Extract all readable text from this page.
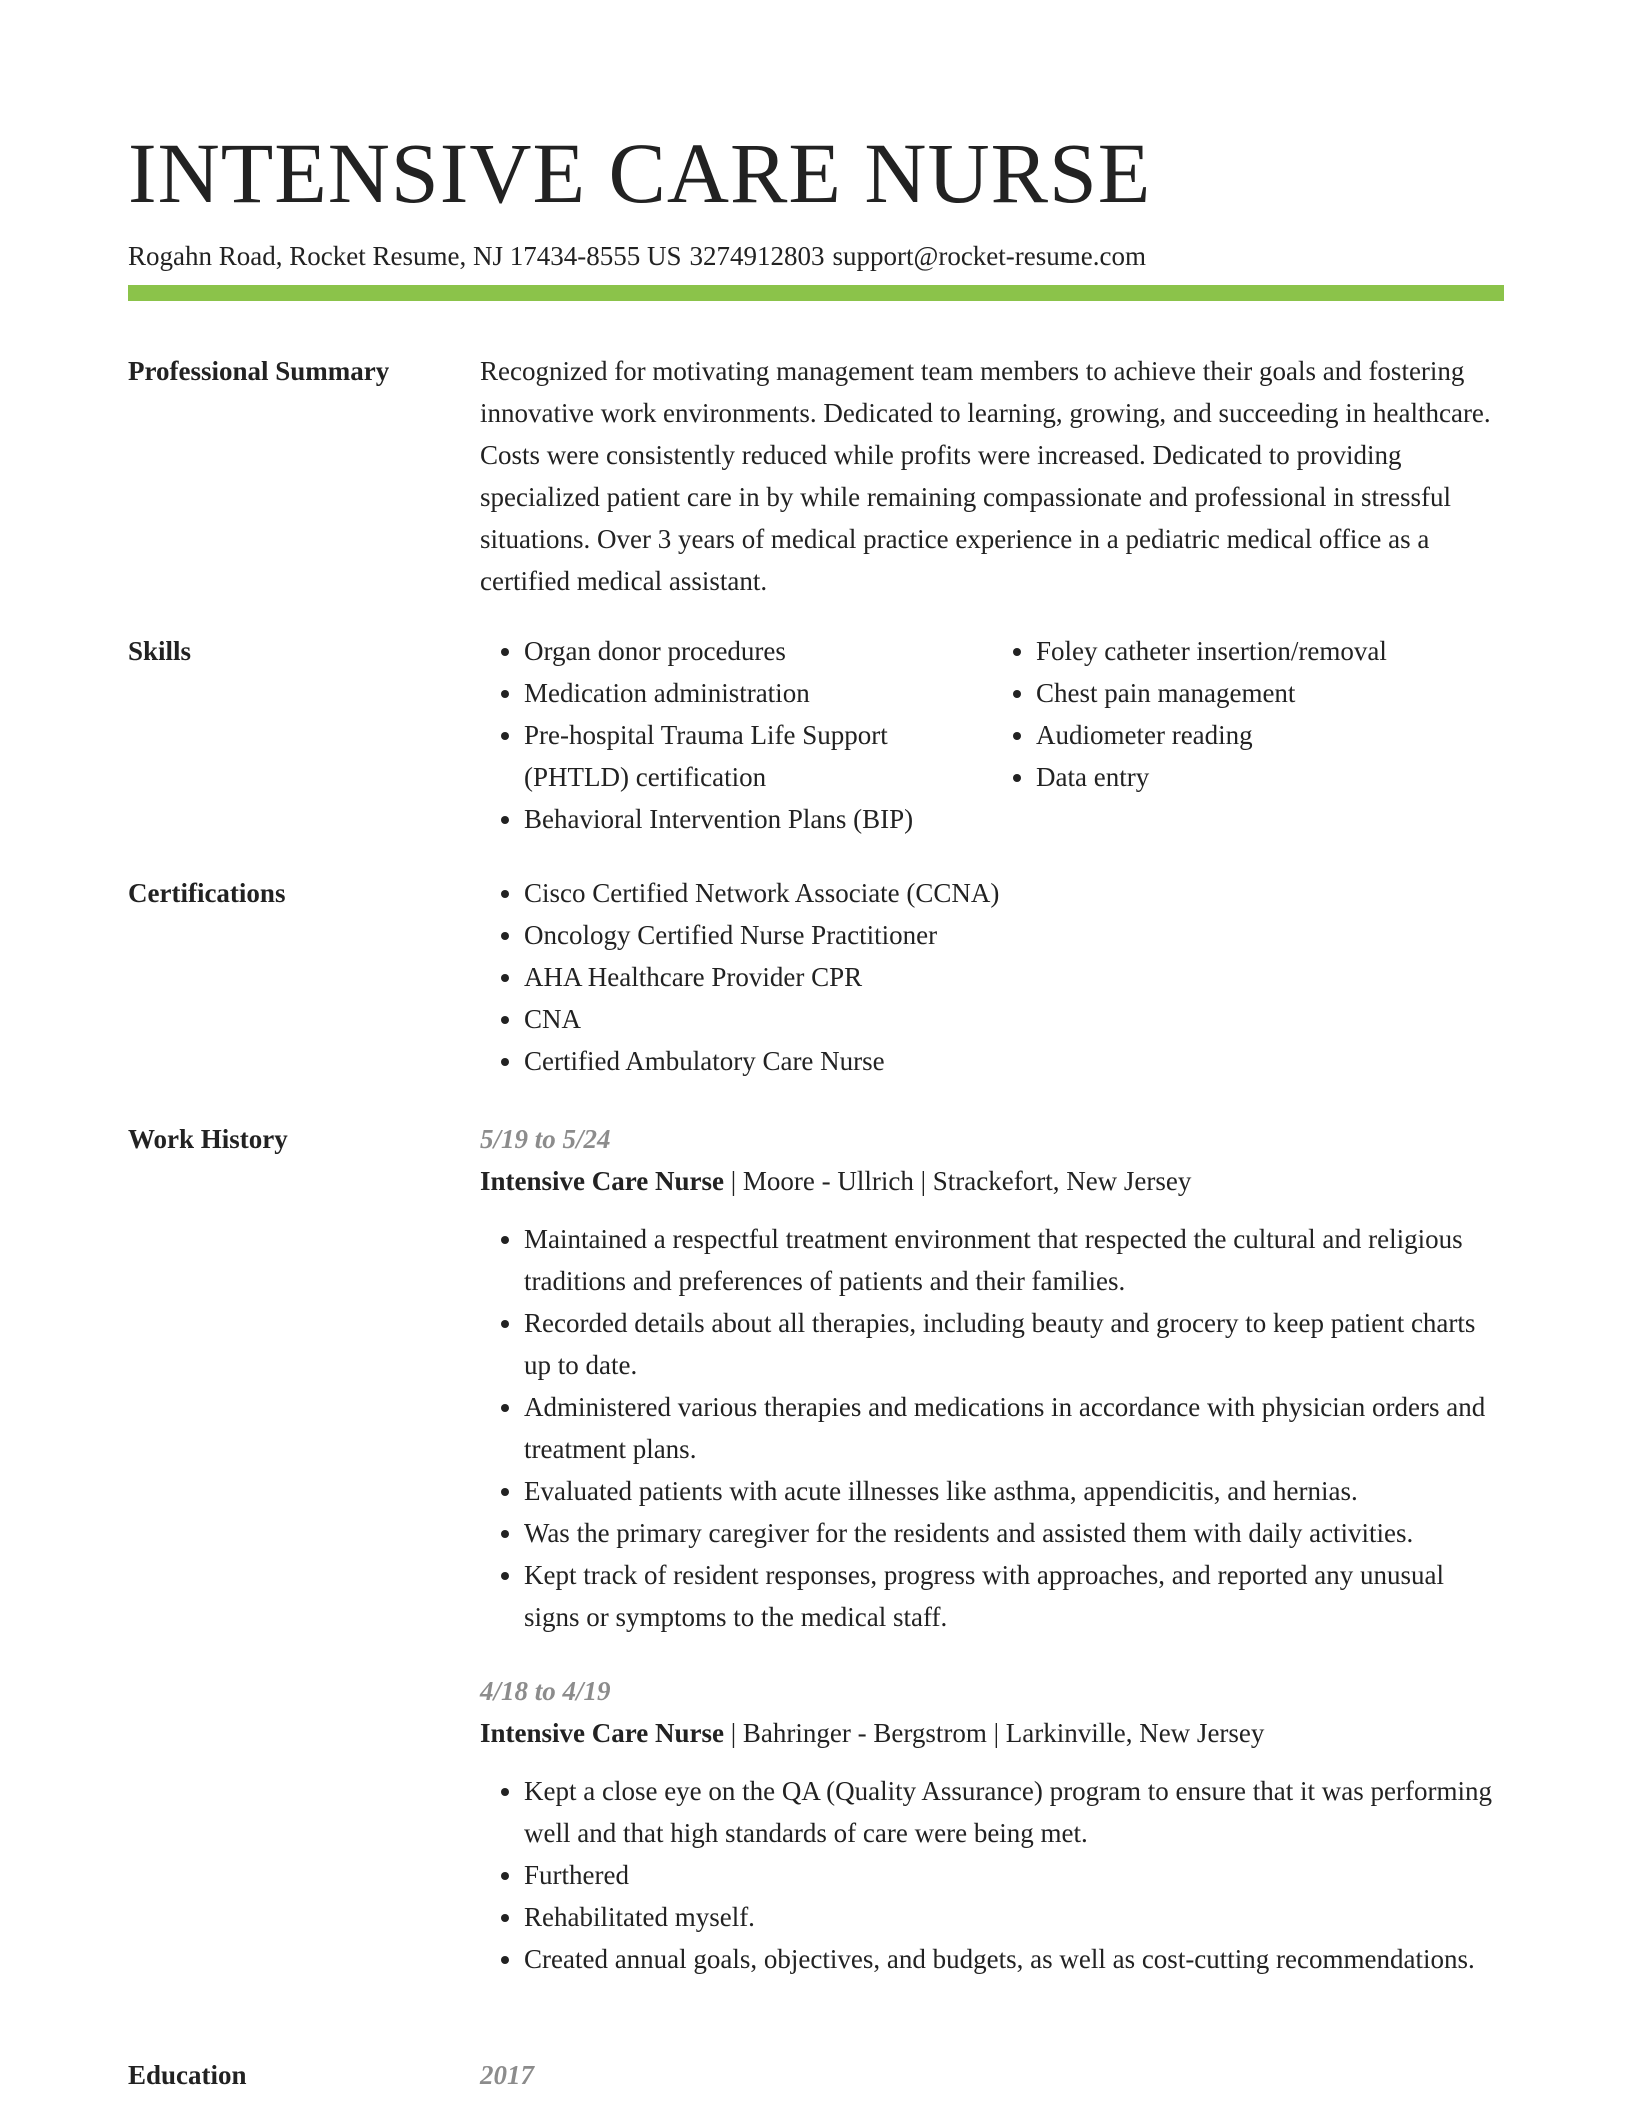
INTENSIVE CARE NURSE
Rogahn Road, Rocket Resume, NJ 17434-8555 US 3274912803 support@rocket-resume.com
Professional Summary	Recognized for motivating management team members to achieve their goals and fostering innovative work environments. Dedicated to learning, growing, and succeeding in healthcare. Costs were consistently reduced while profits were increased. Dedicated to providing specialized patient care in by while remaining compassionate and professional in stressful situations. Over 3 years of medical practice experience in a pediatric medical office as a certified medical assistant.

Skills	• Organ donor procedures
• Medication administration
• Pre-hospital Trauma Life Support (PHTLD) certification
• Behavioral Intervention Plans (BIP)
• Foley catheter insertion/removal
• Chest pain management
• Audiometer reading
• Data entry
Certifications	• Cisco Certified Network Associate (CCNA)
• Oncology Certified Nurse Practitioner
• AHA Healthcare Provider CPR
• CNA
• Certified Ambulatory Care Nurse
Work History	5/19 to 5/24
Intensive Care Nurse | Moore - Ullrich | Strackefort, New Jersey
• Maintained a respectful treatment environment that respected the cultural and religious traditions and preferences of patients and their families.
• Recorded details about all therapies, including beauty and grocery to keep patient charts up to date.
• Administered various therapies and medications in accordance with physician orders and treatment plans.
• Evaluated patients with acute illnesses like asthma, appendicitis, and hernias.
• Was the primary caregiver for the residents and assisted them with daily activities.
• Kept track of resident responses, progress with approaches, and reported any unusual signs or symptoms to the medical staff.
4/18 to 4/19
Intensive Care Nurse | Bahringer - Bergstrom | Larkinville, New Jersey
• Kept a close eye on the QA (Quality Assurance) program to ensure that it was performing well and that high standards of care were being met.
• Furthered
• Rehabilitated myself.
• Created annual goals, objectives, and budgets, as well as cost-cutting recommendations.
Education	2017
